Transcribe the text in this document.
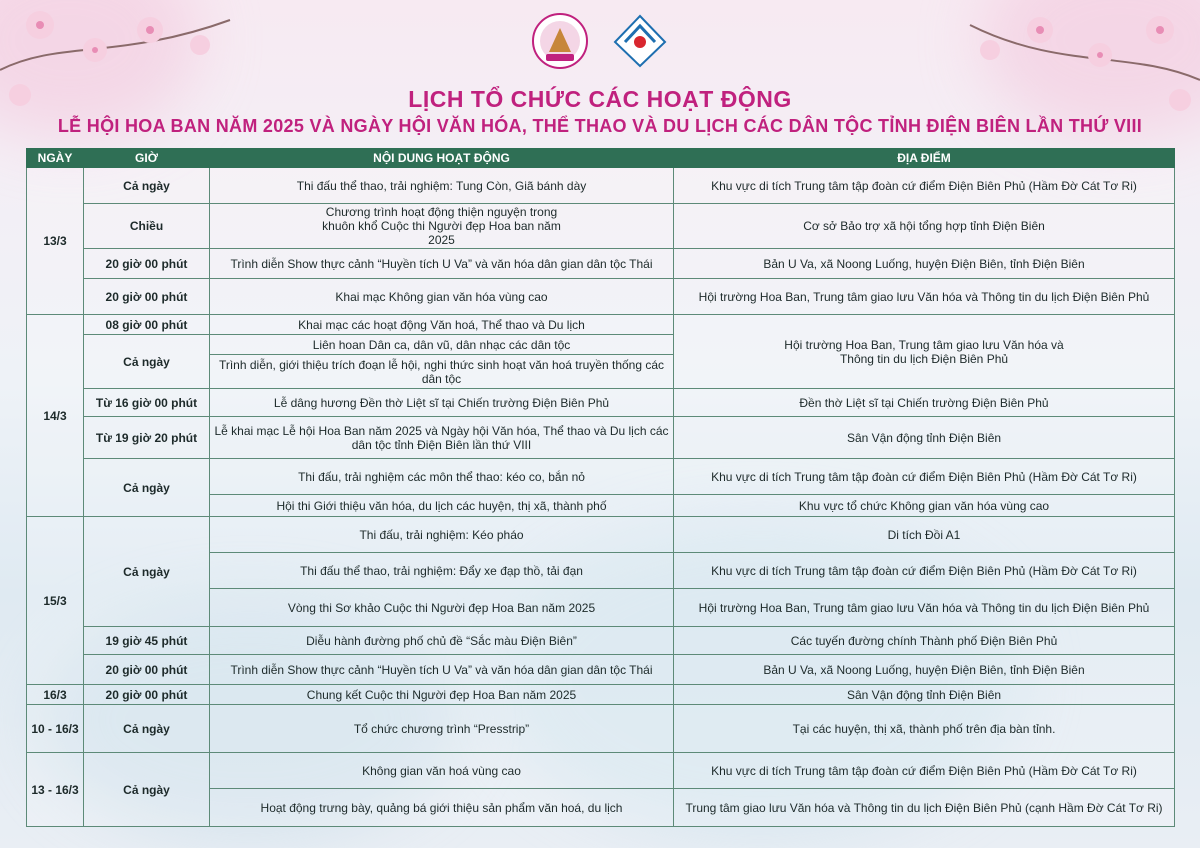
LỊCH TỔ CHỨC CÁC HOẠT ĐỘNG
LỄ HỘI HOA BAN NĂM 2025 VÀ NGÀY HỘI VĂN HÓA, THỂ THAO VÀ DU LỊCH CÁC DÂN TỘC TỈNH ĐIỆN BIÊN LẦN THỨ VIII
NGÀY	GIỜ	NỘI DUNG HOẠT ĐỘNG	ĐỊA ĐIỂM
13/3	Cả ngày	Thi đấu thể thao, trải nghiệm: Tung Còn, Giã bánh dày	Khu vực di tích Trung tâm tập đoàn cứ điểm Điện Biên Phủ (Hầm Đờ Cát Tơ Ri)
	Chiều	Chương trình hoạt động thiện nguyện trong khuôn khổ Cuộc thi Người đẹp Hoa ban năm 2025	Cơ sở Bảo trợ xã hội tổng hợp tỉnh Điện Biên
	20 giờ 00 phút	Trình diễn Show thực cảnh “Huyền tích U Va” và văn hóa dân gian dân tộc Thái	Bản U Va, xã Noong Luống, huyện Điện Biên, tỉnh Điện Biên
	20 giờ 00 phút	Khai mạc Không gian văn hóa vùng cao	Hội trường Hoa Ban, Trung tâm giao lưu Văn hóa và Thông tin du lịch Điện Biên Phủ
14/3	08 giờ 00 phút	Khai mạc các hoạt động Văn hoá, Thể thao và Du lịch	Hội trường Hoa Ban, Trung tâm giao lưu Văn hóa và Thông tin du lịch Điện Biên Phủ

	Cả ngày	Liên hoan Dân ca, dân vũ, dân nhạc các dân tộc	
		Trình diễn, giới thiệu trích đoạn lễ hội, nghi thức sinh hoạt văn hoá truyền thống các dân tộc	
	Từ 16 giờ 00 phút	Lễ dâng hương Đền thờ Liệt sĩ tại Chiến trường Điện Biên Phủ	Đền thờ Liệt sĩ tại Chiến trường Điện Biên Phủ
	Từ 19 giờ 20 phút	Lễ khai mạc Lễ hội Hoa Ban năm 2025 và Ngày hội Văn hóa, Thể thao và Du lịch các dân tộc tỉnh Điện Biên lần thứ VIII	Sân Vận động tỉnh Điện Biên
	Cả ngày	Thi đấu, trải nghiệm các môn thể thao: kéo co, bắn nỏ	Khu vực di tích Trung tâm tập đoàn cứ điểm Điện Biên Phủ (Hầm Đờ Cát Tơ Ri)
		Hội thi Giới thiệu văn hóa, du lịch các huyện, thị xã, thành phố	Khu vực tổ chức Không gian văn hóa vùng cao
15/3	Cả ngày	Thi đấu, trải nghiệm: Kéo pháo	Di tích Đồi A1
		Thi đấu thể thao, trải nghiệm: Đẩy xe đạp thồ, tải đạn	Khu vực di tích Trung tâm tập đoàn cứ điểm Điện Biên Phủ (Hầm Đờ Cát Tơ Ri)
		Vòng thi Sơ khảo Cuộc thi Người đẹp Hoa Ban năm 2025	Hội trường Hoa Ban, Trung tâm giao lưu Văn hóa và Thông tin du lịch Điện Biên Phủ
	19 giờ 45 phút	Diễu hành đường phố chủ đề “Sắc màu Điện Biên”	Các tuyến đường chính Thành phố Điện Biên Phủ
	20 giờ 00 phút	Trình diễn Show thực cảnh “Huyền tích U Va” và văn hóa dân gian dân tộc Thái	Bản U Va, xã Noong Luống, huyện Điện Biên, tỉnh Điện Biên
16/3	20 giờ 00 phút	Chung kết Cuộc thi Người đẹp Hoa Ban năm 2025	Sân Vận động tỉnh Điện Biên
10 - 16/3	Cả ngày	Tổ chức chương trình “Presstrip”	Tại các huyện, thị xã, thành phố trên địa bàn tỉnh.
13 - 16/3	Cả ngày	Không gian văn hoá vùng cao	Khu vực di tích Trung tâm tập đoàn cứ điểm Điện Biên Phủ (Hầm Đờ Cát Tơ Ri)
		Hoạt động trưng bày, quảng bá giới thiệu sản phẩm văn hoá, du lịch	Trung tâm giao lưu Văn hóa và Thông tin du lịch Điện Biên Phủ (cạnh Hầm Đờ Cát Tơ Ri)
